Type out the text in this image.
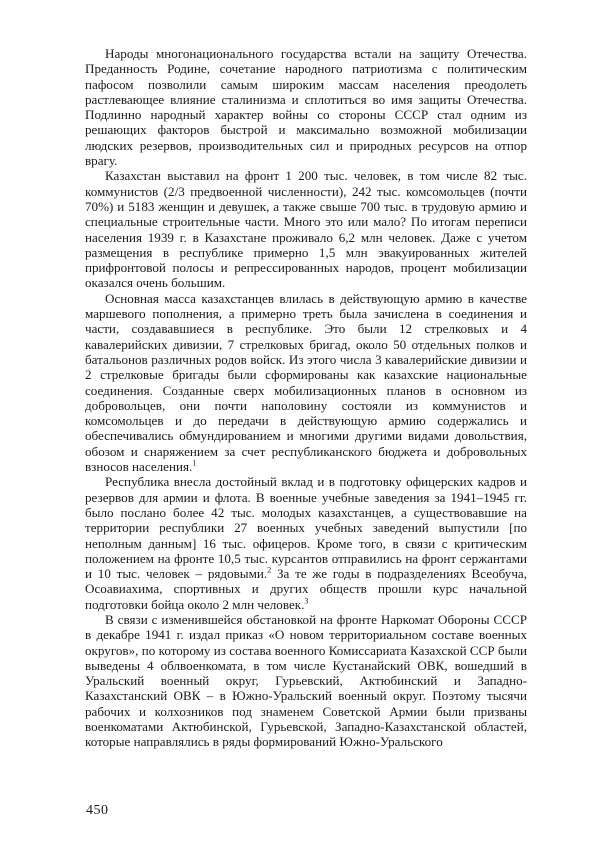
Народы многонационального государства встали на защиту Отечества. Преданность Родине, сочетание народного патриотизма с политическим пафосом позволили самым широким массам населения преодолеть растлевающее влияние сталинизма и сплотиться во имя защиты Отечества. Подлинно народный характер войны со стороны СССР стал одним из решающих факторов быстрой и максимально возможной мобилизации людских резервов, производительных сил и природных ресурсов на отпор врагу.

Казахстан выставил на фронт 1 200 тыс. человек, в том числе 82 тыс. коммунистов (2/3 предвоенной численности), 242 тыс. комсомольцев (почти 70%) и 5183 женщин и девушек, а также свыше 700 тыс. в трудовую армию и специальные строительные части. Много это или мало? По итогам переписи населения 1939 г. в Казахстане проживало 6,2 млн человек. Даже с учетом размещения в республике примерно 1,5 млн эвакуированных жителей прифронтовой полосы и репрессированных народов, процент мобилизации оказался очень большим.

Основная масса казахстанцев влилась в действующую армию в качестве маршевого пополнения, а примерно треть была зачислена в соединения и части, создававшиеся в республике. Это были 12 стрелковых и 4 кавалерийских дивизии, 7 стрелковых бригад, около 50 отдельных полков и батальонов различных родов войск. Из этого числа 3 кавалерийские дивизии и 2 стрелковые бригады были сформированы как казахские национальные соединения. Созданные сверх мобилизационных планов в основном из добровольцев, они почти наполовину состояли из коммунистов и комсомольцев и до передачи в действующую армию содержались и обеспечивались обмундированием и многими другими видами довольствия, обозом и снаряжением за счет республиканского бюджета и добровольных взносов населения.$^1$

Республика внесла достойный вклад и в подготовку офицерских кадров и резервов для армии и флота. В военные учебные заведения за 1941–1945 гг. было послано более 42 тыс. молодых казахстанцев, а существовавшие на территории республики 27 военных учебных заведений выпустили [по неполным данным] 16 тыс. офицеров. Кроме того, в связи с критическим положением на фронте 10,5 тыс. курсантов отправились на фронт сержантами и 10 тыс. человек – рядовыми.$^2$ За те же годы в подразделениях Всеобуча, Осоавиахима, спортивных и других обществ прошли курс начальной подготовки бойца около 2 млн человек.$^3$

В связи с изменившейся обстановкой на фронте Наркомат Обороны СССР в декабре 1941 г. издал приказ «О новом территориальном составе военных округов», по которому из состава военного Комиссариата Казахской ССР были выведены 4 облвоенкомата, в том числе Кустанайский ОВК, вошедший в Уральский военный округ, Гурьевский, Актюбинский и Западно-Казахстанский ОВК – в Южно-Уральский военный округ. Поэтому тысячи рабочих и колхозников под знаменем Советской Армии были призваны военкоматами Актюбинской, Гурьевской, Западно-Казахстанской областей, которые направлялись в ряды формирований Южно-Уральского

450
